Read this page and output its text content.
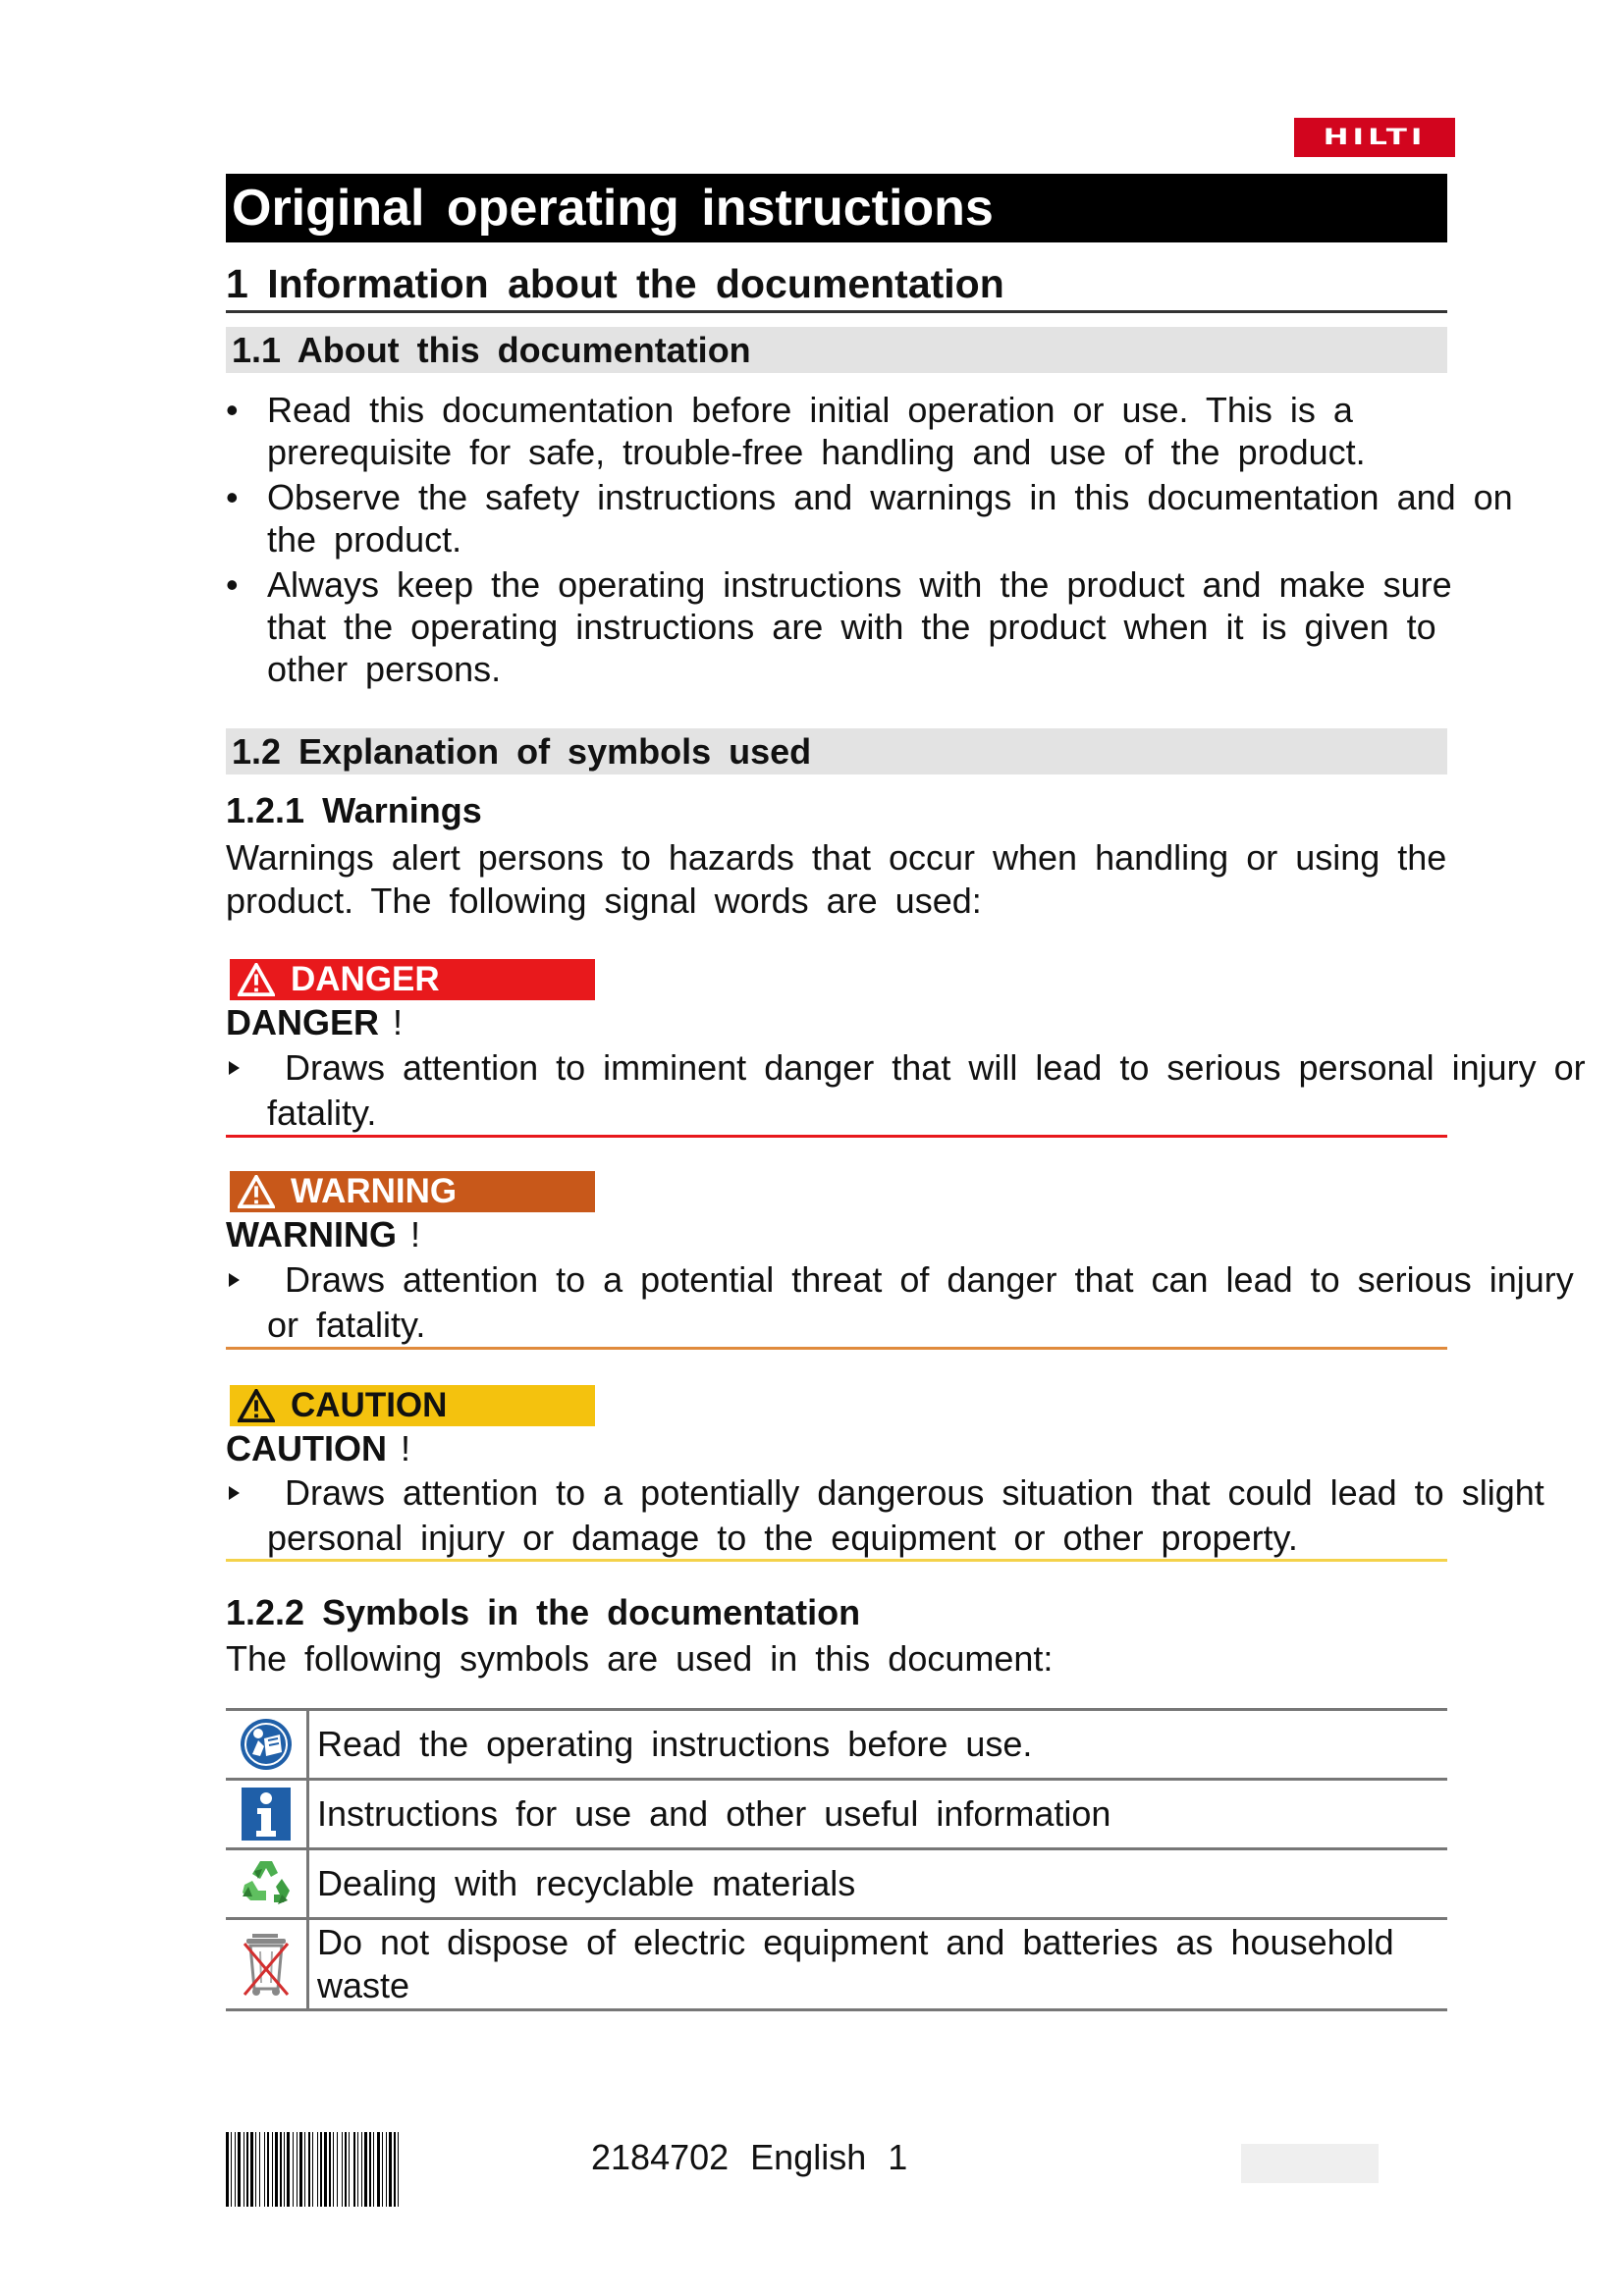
HILTI
Original operating instructions
1 Information about the documentation
1.1 About this documentation
• Read this documentation before initial operation or use. This is a prerequisite for safe, trouble-free handling and use of the product.
• Observe the safety instructions and warnings in this documentation and on the product.
• Always keep the operating instructions with the product and make sure that the operating instructions are with the product when it is given to other persons.
1.2 Explanation of symbols used
1.2.1 Warnings
Warnings alert persons to hazards that occur when handling or using the product. The following signal words are used:
DANGER
DANGER !
Draws attention to imminent danger that will lead to serious personal injury or fatality.
WARNING
WARNING !
Draws attention to a potential threat of danger that can lead to serious injury or fatality.
CAUTION
CAUTION !
Draws attention to a potentially dangerous situation that could lead to slight personal injury or damage to the equipment or other property.
1.2.2 Symbols in the documentation
The following symbols are used in this document:
	Read the operating instructions before use.
	Instructions for use and other useful information
	Dealing with recyclable materials
	Do not dispose of electric equipment and batteries as household waste
2184702 English 1
